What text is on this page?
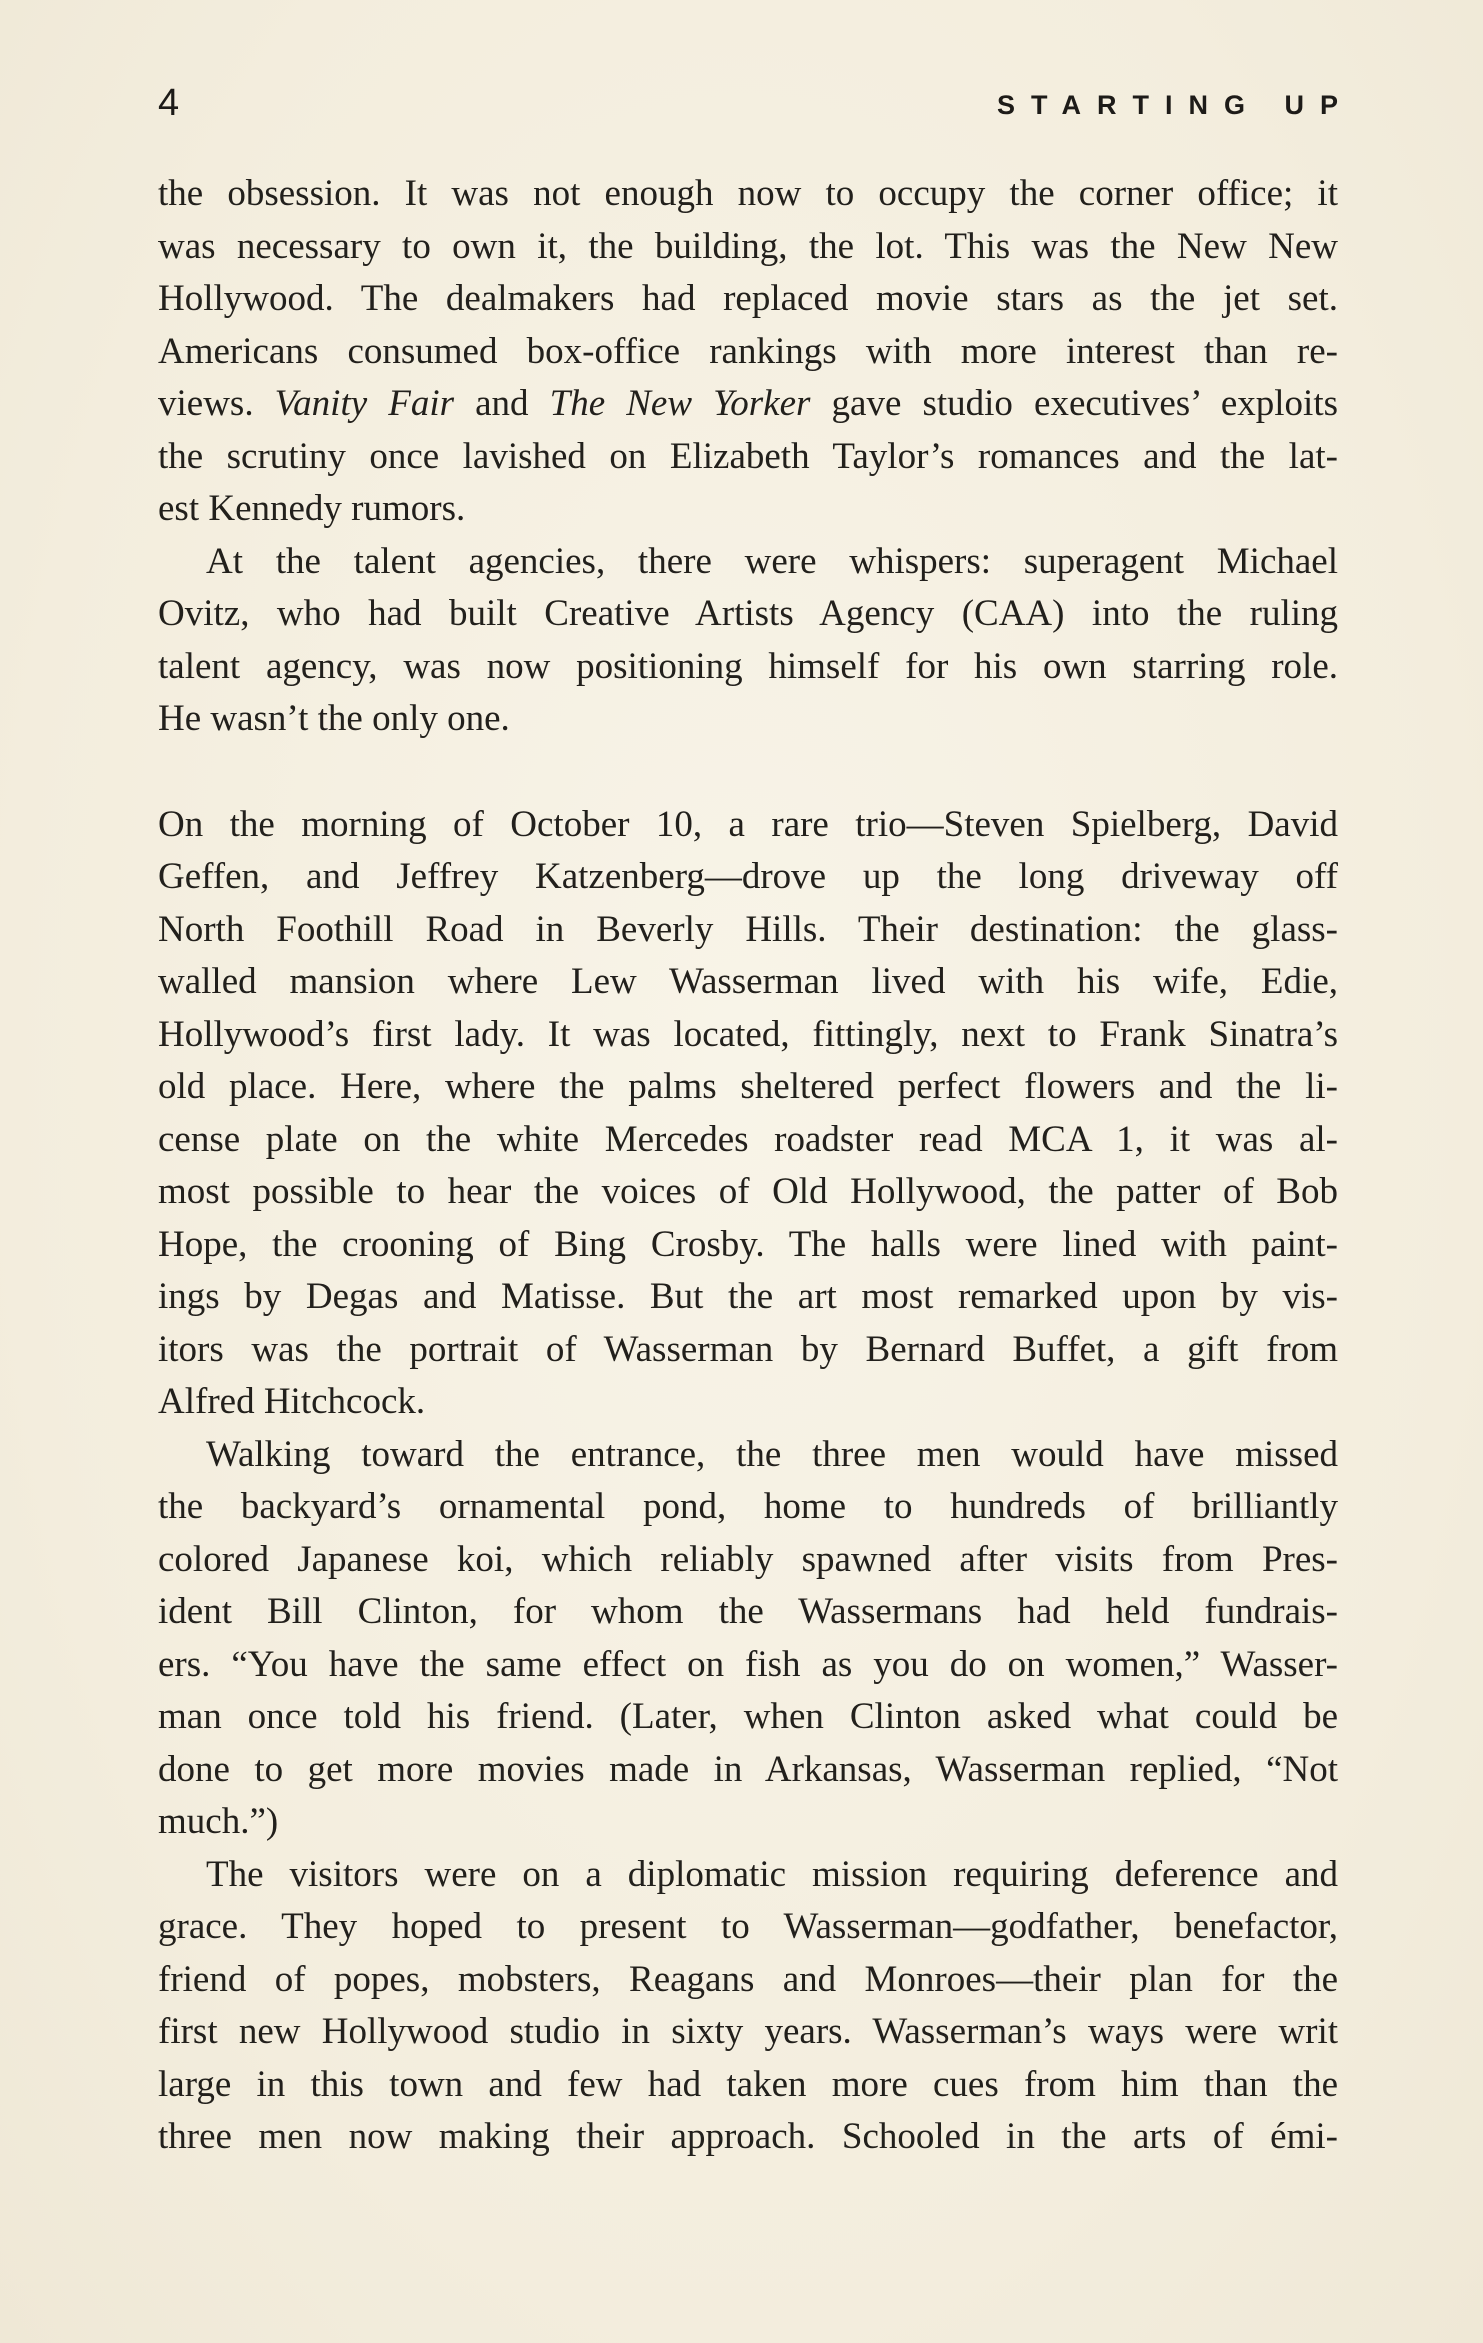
4	STARTING UP
the obsession. It was not enough now to occupy the corner office; it
was necessary to own it, the building, the lot. This was the New New
Hollywood. The dealmakers had replaced movie stars as the jet set.
Americans consumed box-office rankings with more interest than re-
views. Vanity Fair and The New Yorker gave studio executives’ exploits
the scrutiny once lavished on Elizabeth Taylor’s romances and the lat-
est Kennedy rumors.
At the talent agencies, there were whispers: superagent Michael
Ovitz, who had built Creative Artists Agency (CAA) into the ruling
talent agency, was now positioning himself for his own starring role.
He wasn’t the only one.
On the morning of October 10, a rare trio—Steven Spielberg, David
Geffen, and Jeffrey Katzenberg—drove up the long driveway off
North Foothill Road in Beverly Hills. Their destination: the glass-
walled mansion where Lew Wasserman lived with his wife, Edie,
Hollywood’s first lady. It was located, fittingly, next to Frank Sinatra’s
old place. Here, where the palms sheltered perfect flowers and the li-
cense plate on the white Mercedes roadster read MCA 1, it was al-
most possible to hear the voices of Old Hollywood, the patter of Bob
Hope, the crooning of Bing Crosby. The halls were lined with paint-
ings by Degas and Matisse. But the art most remarked upon by vis-
itors was the portrait of Wasserman by Bernard Buffet, a gift from
Alfred Hitchcock.
Walking toward the entrance, the three men would have missed
the backyard’s ornamental pond, home to hundreds of brilliantly
colored Japanese koi, which reliably spawned after visits from Pres-
ident Bill Clinton, for whom the Wassermans had held fundrais-
ers. “You have the same effect on fish as you do on women,” Wasser-
man once told his friend. (Later, when Clinton asked what could be
done to get more movies made in Arkansas, Wasserman replied, “Not
much.”)
The visitors were on a diplomatic mission requiring deference and
grace. They hoped to present to Wasserman—godfather, benefactor,
friend of popes, mobsters, Reagans and Monroes—their plan for the
first new Hollywood studio in sixty years. Wasserman’s ways were writ
large in this town and few had taken more cues from him than the
three men now making their approach. Schooled in the arts of émi-
